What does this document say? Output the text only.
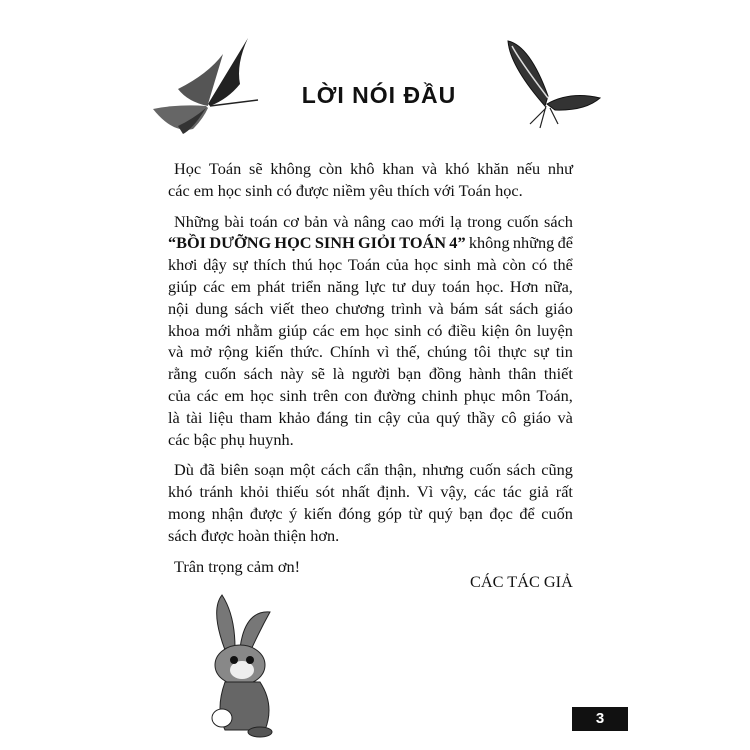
LỜI NÓI ĐẦU
Học Toán sẽ không còn khô khan và khó khăn nếu như
các em học sinh có được niềm yêu thích với Toán học.
Những bài toán cơ bản và nâng cao mới lạ trong cuốn sách
“BỒI DƯỠNG HỌC SINH GIỎI TOÁN 4” không những để
khơi dậy sự thích thú học Toán của học sinh mà còn có thể
giúp các em phát triển năng lực tư duy toán học. Hơn nữa,
nội dung sách viết theo chương trình và bám sát sách giáo
khoa mới nhằm giúp các em học sinh có điều kiện ôn luyện
và mở rộng kiến thức. Chính vì thế, chúng tôi thực sự tin
rằng cuốn sách này sẽ là người bạn đồng hành thân thiết
của các em học sinh trên con đường chinh phục môn Toán,
là tài liệu tham khảo đáng tin cậy của quý thầy cô giáo và
các bậc phụ huynh.
Dù đã biên soạn một cách cẩn thận, nhưng cuốn sách cũng
khó tránh khỏi thiếu sót nhất định. Vì vậy, các tác giả rất
mong nhận được ý kiến đóng góp từ quý bạn đọc để cuốn
sách được hoàn thiện hơn.
Trân trọng cảm ơn!
CÁC TÁC GIẢ
3
